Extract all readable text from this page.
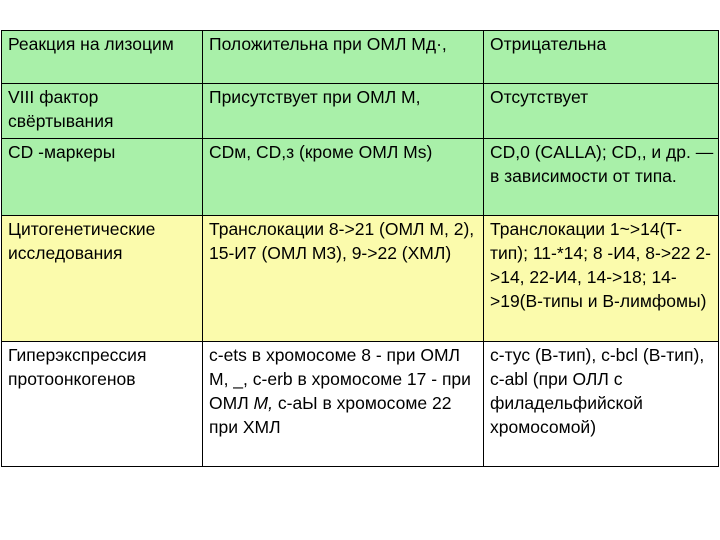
Реакция на лизоцим	Положительна при ОМЛ Мд·,	Отрицательна
VIII фактор свёртывания	Присутствует при ОМЛ М,	Отсутствует
CD -маркеры	CDм, CD,з (кроме ОМЛ Мs)	CD,0 (CALLA); CD,, и др. — в зависимости от типа.
Цитогенетические исследования	Транслокации 8->21 (ОМЛ М, 2), 15-И7 (ОМЛ М3), 9->22 (ХМЛ)	Транслокации 1~>14(Т-тип); 11-*14; 8 -И4, 8->22 2->14, 22-И4, 14->18; 14->19(В-типы и В-лимфомы)
Гиперэкспрессия протоонкогенов	c-ets в хромосоме 8 - при ОМЛ М, _, c-erb в хромосоме 17 - при ОМЛ М, c-aЫ в хромосоме 22 при ХМЛ	c-тус (В-тип), c-bcl (В-тип), c-abl (при ОЛЛ с филадельфийской хромосомой)
